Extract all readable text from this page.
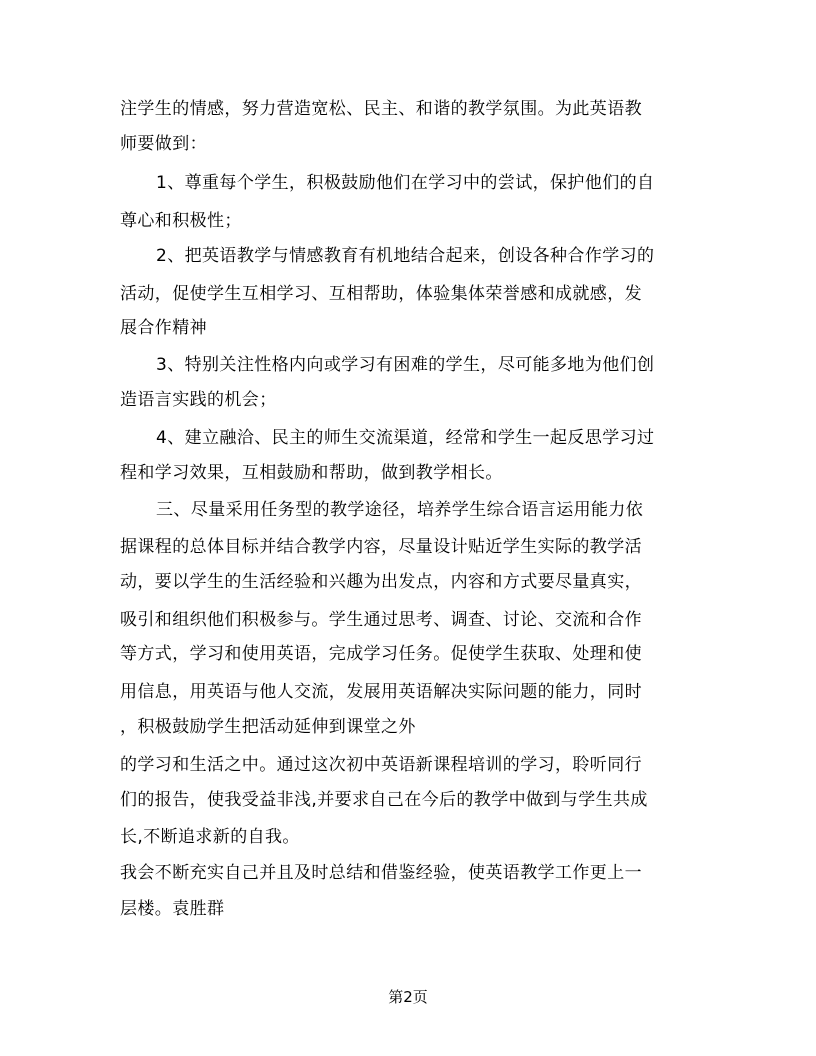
注学生的情感，努力营造宽松、民主、和谐的教学氛围。为此英语教
师要做到：
1、尊重每个学生，积极鼓励他们在学习中的尝试，保护他们的自
尊心和积极性；
2、把英语教学与情感教育有机地结合起来，创设各种合作学习的
活动，促使学生互相学习、互相帮助，体验集体荣誉感和成就感，发
展合作精神
3、特别关注性格内向或学习有困难的学生，尽可能多地为他们创
造语言实践的机会；
4、建立融洽、民主的师生交流渠道，经常和学生一起反思学习过
程和学习效果，互相鼓励和帮助，做到教学相长。
三、尽量采用任务型的教学途径，培养学生综合语言运用能力依
据课程的总体目标并结合教学内容，尽量设计贴近学生实际的教学活
动，要以学生的生活经验和兴趣为出发点，内容和方式要尽量真实，
吸引和组织他们积极参与。学生通过思考、调查、讨论、交流和合作
等方式，学习和使用英语，完成学习任务。促使学生获取、处理和使
用信息，用英语与他人交流，发展用英语解决实际问题的能力，同时
，积极鼓励学生把活动延伸到课堂之外
的学习和生活之中。通过这次初中英语新课程培训的学习，聆听同行
们的报告，使我受益非浅,并要求自己在今后的教学中做到与学生共成
长,不断追求新的自我。
我会不断充实自己并且及时总结和借鉴经验，使英语教学工作更上一
层楼。袁胜群
第2页
